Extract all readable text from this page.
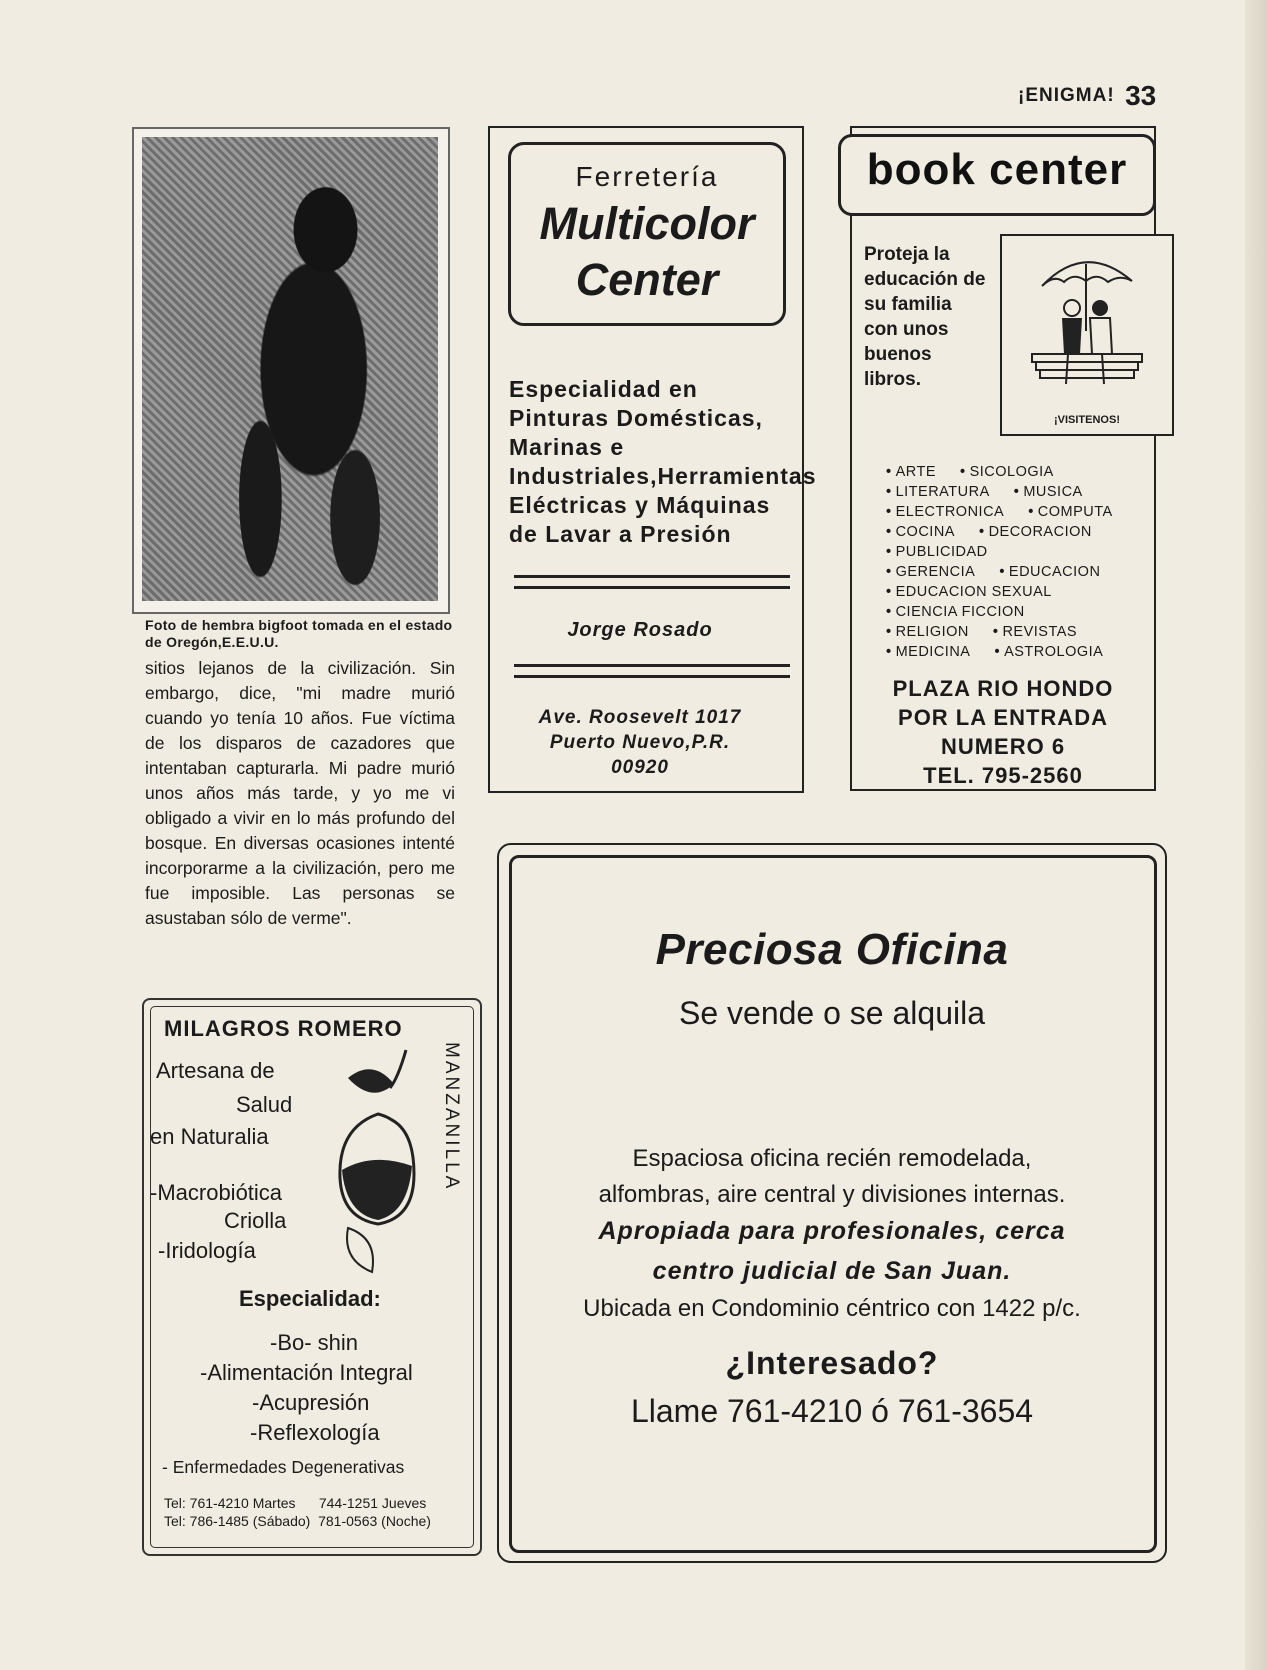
¡ENIGMA! 33
Foto de hembra bigfoot tomada en el estado de Oregón,E.E.U.U.
sitios lejanos de la civilización. Sin embargo, dice, "mi madre murió cuando yo tenía 10 años. Fue víctima de los disparos de cazadores que intentaban capturarla. Mi padre murió unos años más tarde, y yo me vi obligado a vivir en lo más profundo del bosque. En diversas ocasiones intenté incorporarme a la civilización, pero me fue imposible. Las personas se asustaban sólo de verme".
Ferretería
Multicolor
Center
Especialidad en Pinturas Domésticas, Marinas e Industriales,Herramientas Eléctricas y Máquinas de Lavar a Presión
Jorge Rosado
Ave. Roosevelt 1017
Puerto Nuevo,P.R.
00920
book center
Proteja la educación de su familia con unos buenos libros.
¡VISITENOS!
• ARTE • SICOLOGIA
• LITERATURA • MUSICA
• ELECTRONICA • COMPUTA
• COCINA • DECORACION
• PUBLICIDAD
• GERENCIA • EDUCACION
• EDUCACION SEXUAL
• CIENCIA FICCION
• RELIGION • REVISTAS
• MEDICINA • ASTROLOGIA
PLAZA RIO HONDO
POR LA ENTRADA
NUMERO 6
TEL. 795-2560
MILAGROS ROMERO
MANZANILLA
Artesana de
Salud
en Naturalia
-Macrobiótica
Criolla
-Iridología
Especialidad:
-Bo- shin
-Alimentación Integral
-Acupresión
-Reflexología
- Enfermedades Degenerativas
Tel: 761-4210 Martes      744-1251 Jueves
Tel: 786-1485 (Sábado)  781-0563 (Noche)
Preciosa Oficina
Se vende o se alquila
Espaciosa oficina recién remodelada,
alfombras, aire central y divisiones internas.
Apropiada para profesionales, cerca
centro judicial de San Juan.
Ubicada en Condominio céntrico con 1422 p/c.
¿Interesado?
Llame 761-4210 ó 761-3654
